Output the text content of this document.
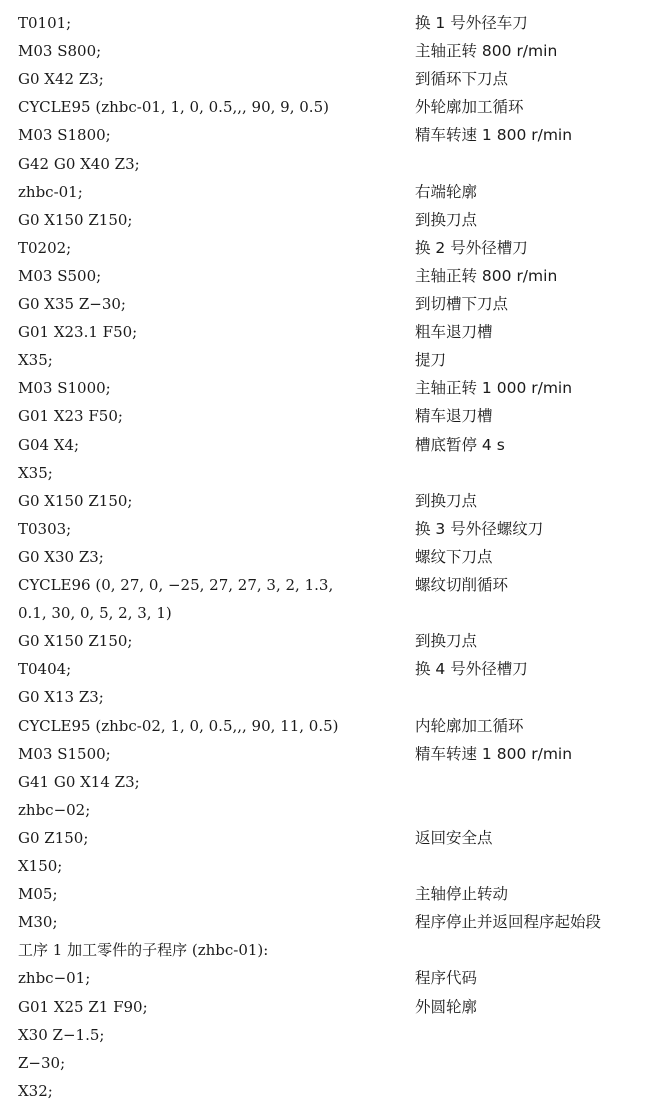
T0101;	换 1 号外径车刀
M03 S800;	主轴正转 800 r/min
G0 X42 Z3;	到循环下刀点
CYCLE95 (zhbc-01, 1, 0, 0.5,,, 90, 9, 0.5)	外轮廓加工循环
M03 S1800;	精车转速 1 800 r/min
G42 G0 X40 Z3;
zhbc-01;	右端轮廓
G0 X150 Z150;	到换刀点
T0202;	换 2 号外径槽刀
M03 S500;	主轴正转 800 r/min
G0 X35 Z−30;	到切槽下刀点
G01 X23.1 F50;	粗车退刀槽
X35;	提刀
M03 S1000;	主轴正转 1 000 r/min
G01 X23 F50;	精车退刀槽
G04 X4;	槽底暂停 4 s
X35;
G0 X150 Z150;	到换刀点
T0303;	换 3 号外径螺纹刀
G0 X30 Z3;	螺纹下刀点
CYCLE96 (0, 27, 0, −25, 27, 27, 3, 2, 1.3,	螺纹切削循环
0.1, 30, 0, 5, 2, 3, 1)
G0 X150 Z150;	到换刀点
T0404;	换 4 号外径槽刀
G0 X13 Z3;
CYCLE95 (zhbc-02, 1, 0, 0.5,,, 90, 11, 0.5)	内轮廓加工循环
M03 S1500;	精车转速 1 800 r/min
G41 G0 X14 Z3;
zhbc−02;
G0 Z150;	返回安全点
X150;
M05;	主轴停止转动
M30;	程序停止并返回程序起始段
工序 1 加工零件的子程序 (zhbc-01):
zhbc−01;	程序代码
G01 X25 Z1 F90;	外圆轮廓
X30 Z−1.5;
Z−30;
X32;
